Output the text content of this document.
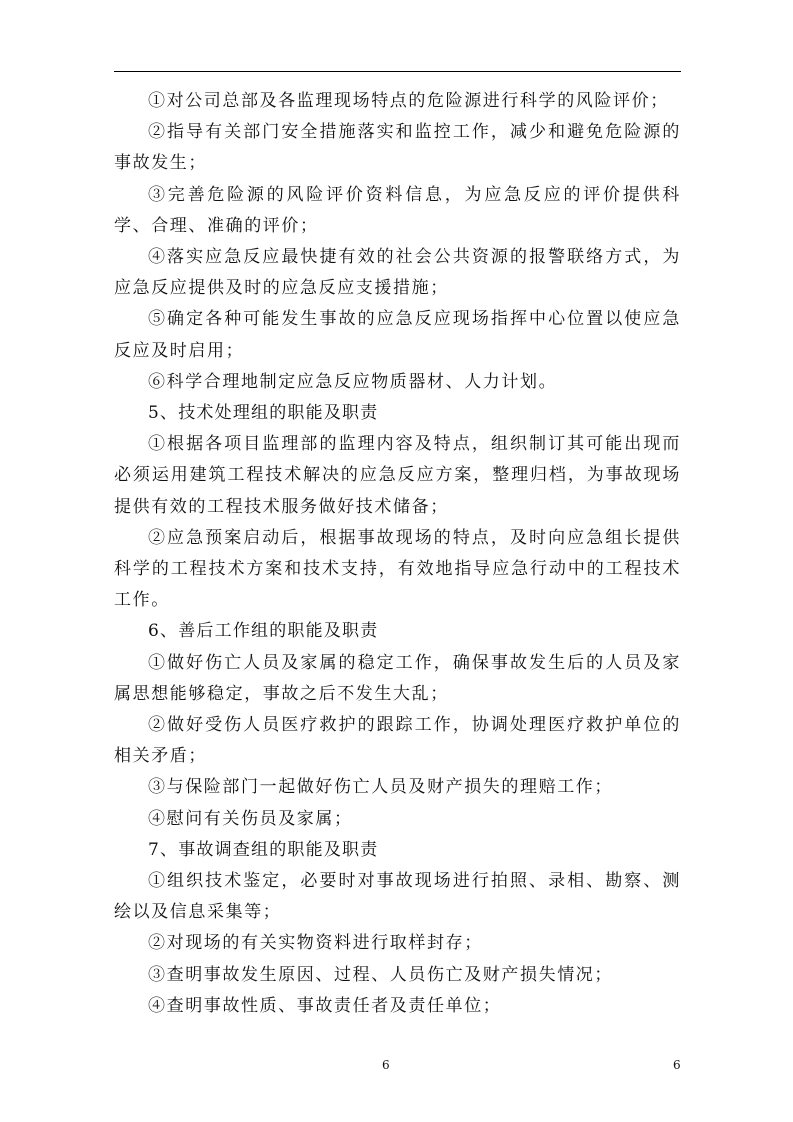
①对公司总部及各监理现场特点的危险源进行科学的风险评价；

②指导有关部门安全措施落实和监控工作，减少和避免危险源的事故发生；

③完善危险源的风险评价资料信息，为应急反应的评价提供科学、合理、准确的评价；

④落实应急反应最快捷有效的社会公共资源的报警联络方式，为应急反应提供及时的应急反应支援措施；

⑤确定各种可能发生事故的应急反应现场指挥中心位置以使应急反应及时启用；

⑥科学合理地制定应急反应物质器材、人力计划。

5、技术处理组的职能及职责

①根据各项目监理部的监理内容及特点，组织制订其可能出现而必须运用建筑工程技术解决的应急反应方案，整理归档，为事故现场提供有效的工程技术服务做好技术储备；

②应急预案启动后，根据事故现场的特点，及时向应急组长提供科学的工程技术方案和技术支持，有效地指导应急行动中的工程技术工作。

6、善后工作组的职能及职责

①做好伤亡人员及家属的稳定工作，确保事故发生后的人员及家属思想能够稳定，事故之后不发生大乱；

②做好受伤人员医疗救护的跟踪工作，协调处理医疗救护单位的相关矛盾；

③与保险部门一起做好伤亡人员及财产损失的理赔工作；

④慰问有关伤员及家属；

7、事故调查组的职能及职责

①组织技术鉴定，必要时对事故现场进行拍照、录相、勘察、测绘以及信息采集等；

②对现场的有关实物资料进行取样封存；

③查明事故发生原因、过程、人员伤亡及财产损失情况；

④查明事故性质、事故责任者及责任单位；

6	6
